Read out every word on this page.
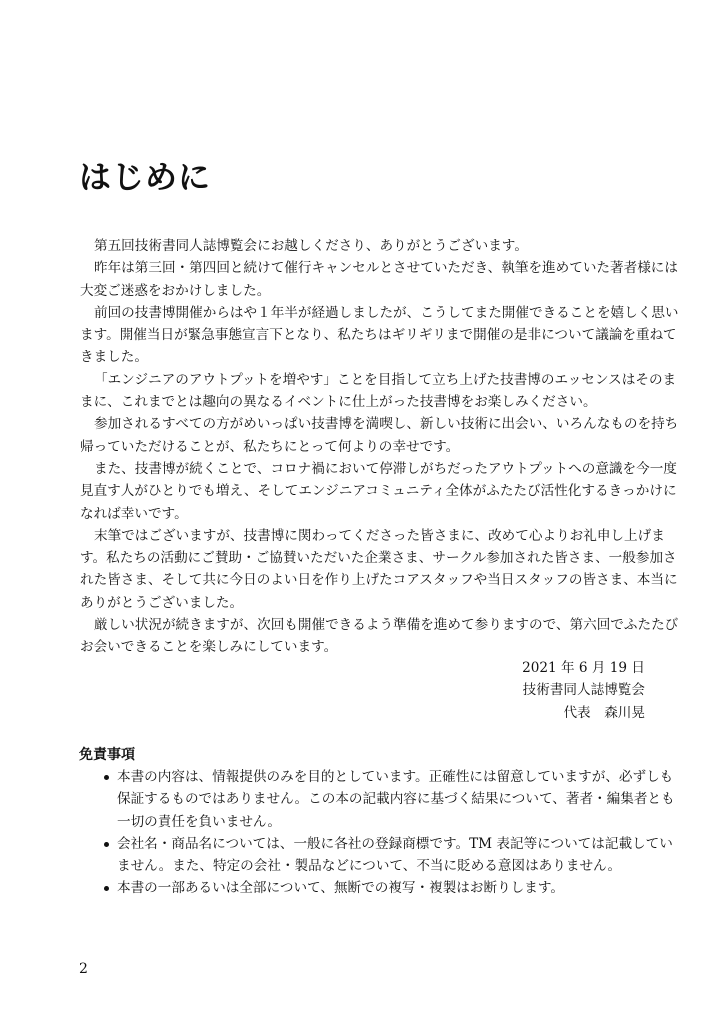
はじめに
第五回技術書同人誌博覧会にお越しくださり、ありがとうございます。
昨年は第三回・第四回と続けて催行キャンセルとさせていただき、執筆を進めていた著者様には
大変ご迷惑をおかけしました。
前回の技書博開催からはや１年半が経過しましたが、こうしてまた開催できることを嬉しく思い
ます。開催当日が緊急事態宣言下となり、私たちはギリギリまで開催の是非について議論を重ねて
きました。
「エンジニアのアウトプットを増やす」ことを目指して立ち上げた技書博のエッセンスはそのま
まに、これまでとは趣向の異なるイベントに仕上がった技書博をお楽しみください。
参加されるすべての方がめいっぱい技書博を満喫し、新しい技術に出会い、いろんなものを持ち
帰っていただけることが、私たちにとって何よりの幸せです。
また、技書博が続くことで、コロナ禍において停滞しがちだったアウトプットへの意識を今一度
見直す人がひとりでも増え、そしてエンジニアコミュニティ全体がふたたび活性化するきっかけに
なれば幸いです。
末筆ではございますが、技書博に関わってくださった皆さまに、改めて心よりお礼申し上げま
す。私たちの活動にご賛助・ご協賛いただいた企業さま、サークル参加された皆さま、一般参加さ
れた皆さま、そして共に今日のよい日を作り上げたコアスタッフや当日スタッフの皆さま、本当に
ありがとうございました。
厳しい状況が続きますが、次回も開催できるよう準備を進めて参りますので、第六回でふたたび
お会いできることを楽しみにしています。
2021 年 6 月 19 日
技術書同人誌博覧会
代表　森川晃
免責事項
本書の内容は、情報提供のみを目的としています。正確性には留意していますが、必ずしも
保証するものではありません。この本の記載内容に基づく結果について、著者・編集者とも
一切の責任を負いません。
会社名・商品名については、一般に各社の登録商標です。TM 表記等については記載してい
ません。また、特定の会社・製品などについて、不当に貶める意図はありません。
本書の一部あるいは全部について、無断での複写・複製はお断りします。
2
